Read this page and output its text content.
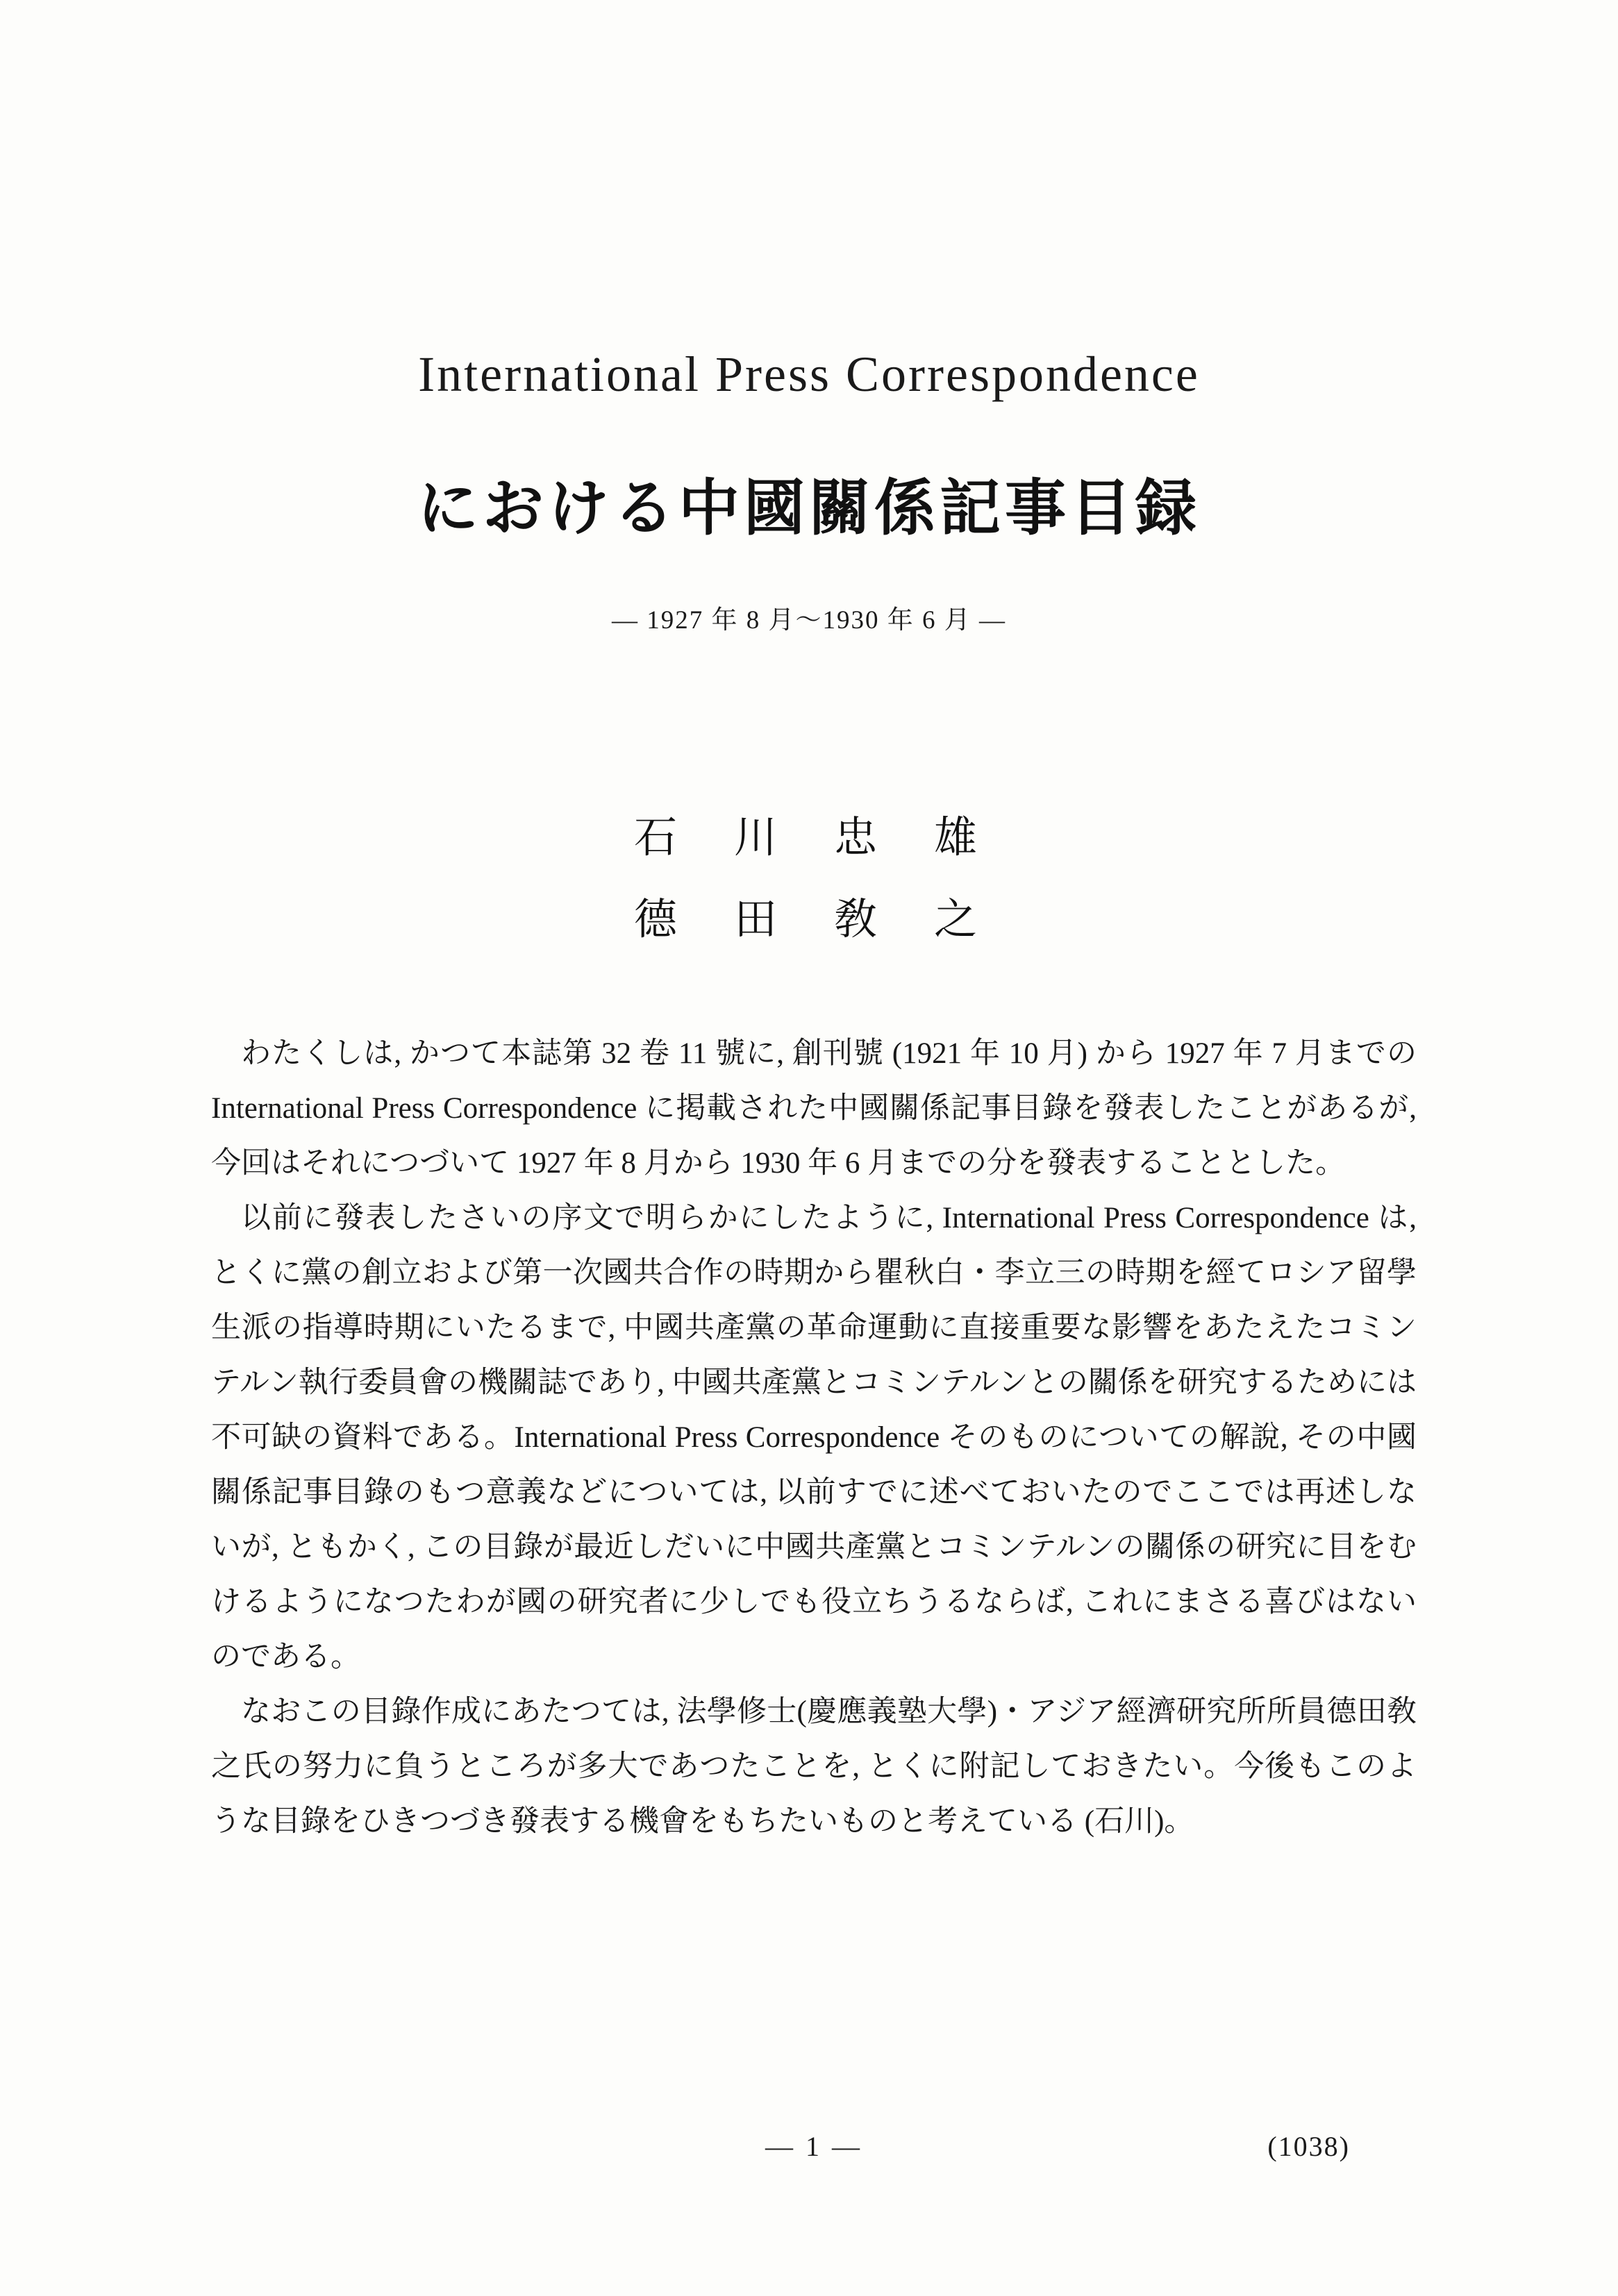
International Press Correspondence
における中國關係記事目録
― 1927 年 8 月～1930 年 6 月 ―
石　川　忠　雄
德　田　敎　之

わたくしは, かつて本誌第 32 卷 11 號に, 創刊號 (1921 年 10 月) から 1927 年 7 月までの International Press Correspondence に掲載された中國關係記事目錄を發表したことがあるが, 今回はそれにつづいて 1927 年 8 月から 1930 年 6 月までの分を發表することとした。

以前に發表したさいの序文で明らかにしたように, International Press Correspondence は, とくに黨の創立および第一次國共合作の時期から瞿秋白・李立三の時期を經てロシア留學生派の指導時期にいたるまで, 中國共產黨の革命運動に直接重要な影響をあたえたコミンテルン執行委員會の機關誌であり, 中國共產黨とコミンテルンとの關係を研究するためには不可缺の資料である。International Press Correspondence そのものについての解說, その中國關係記事目錄のもつ意義などについては, 以前すでに述べておいたのでここでは再述しないが, ともかく, この目錄が最近しだいに中國共產黨とコミンテルンの關係の研究に目をむけるようになつたわが國の研究者に少しでも役立ちうるならば, これにまさる喜びはないのである。

なおこの目錄作成にあたつては, 法學修士(慶應義塾大學)・アジア經濟研究所所員德田敎之氏の努力に負うところが多大であつたことを, とくに附記しておきたい。今後もこのような目錄をひきつづき發表する機會をもちたいものと考えている (石川)。

― 1 ―	(1038)
